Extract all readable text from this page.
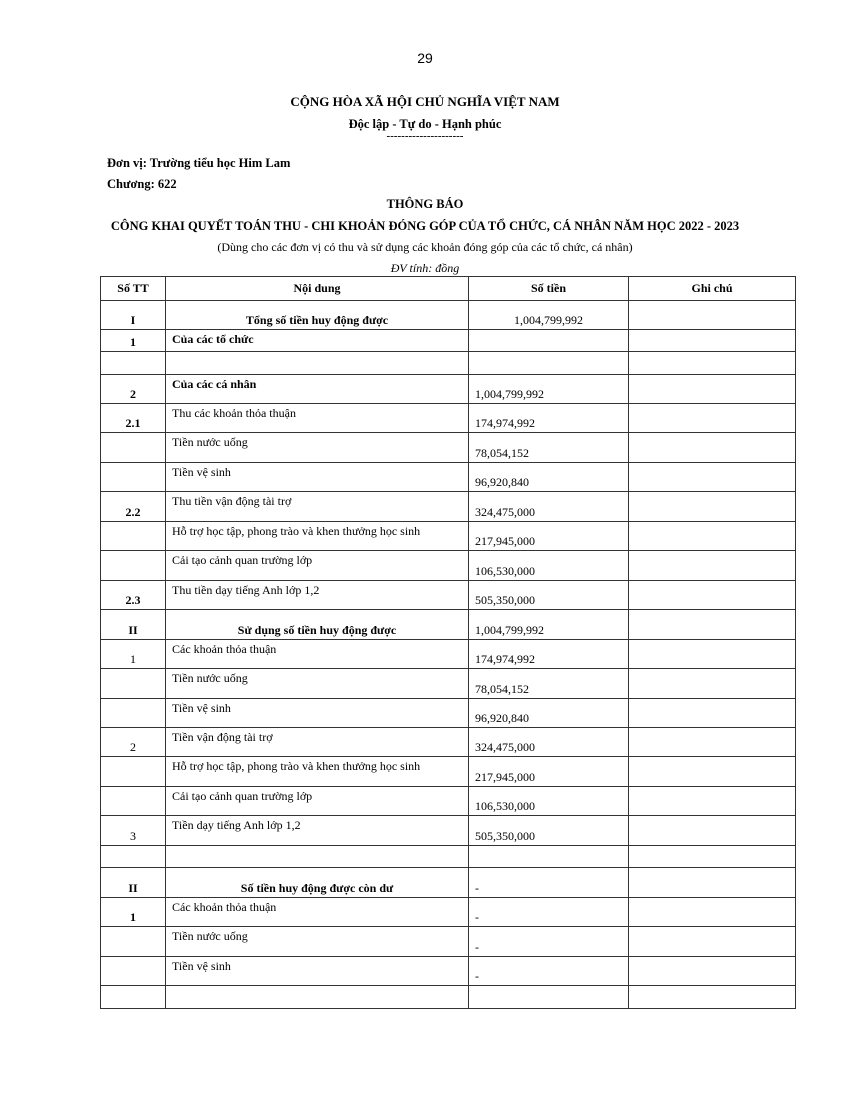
29
CỘNG HÒA XÃ HỘI CHỦ NGHĨA VIỆT NAM
Độc lập - Tự do - Hạnh phúc
---------------------
Đơn vị: Trường tiểu học Him Lam
Chương: 622
THÔNG BÁO
CÔNG KHAI QUYẾT TOÁN THU - CHI KHOẢN ĐÓNG GÓP CỦA TỔ CHỨC, CÁ NHÂN NĂM HỌC 2022 - 2023
(Dùng cho các đơn vị có thu và sử dụng các khoản đóng góp của các tổ chức, cá nhân)
ĐV tính: đồng
Số TT	Nội dung	Số tiền	Ghi chú
I	Tổng số tiền huy động được	1,004,799,992	
1	Của các tổ chức		

2	Của các cá nhân	1,004,799,992	
2.1	Thu các khoản thỏa thuận	174,974,992	
	Tiền nước uống	78,054,152	
	Tiền vệ sinh	96,920,840	
2.2	Thu tiền vận động tài trợ	324,475,000	
	Hỗ trợ học tập, phong trào và khen thưởng học sinh	217,945,000	
	Cải tạo cảnh quan trường lớp	106,530,000	
2.3	Thu tiền dạy tiếng Anh lớp 1,2	505,350,000	
II	Sử dụng số tiền huy động được	1,004,799,992	
1	Các khoản thỏa thuận	174,974,992	
	Tiền nước uống	78,054,152	
	Tiền vệ sinh	96,920,840	
2	Tiền vận động tài trợ	324,475,000	
	Hỗ trợ học tập, phong trào và khen thưởng học sinh	217,945,000	
	Cải tạo cảnh quan trường lớp	106,530,000	
3	Tiền dạy tiếng Anh lớp 1,2	505,350,000	

II	Số tiền huy động được còn dư	-	
1	Các khoản thỏa thuận	-	
	Tiền nước uống	-	
	Tiền vệ sinh	-	
